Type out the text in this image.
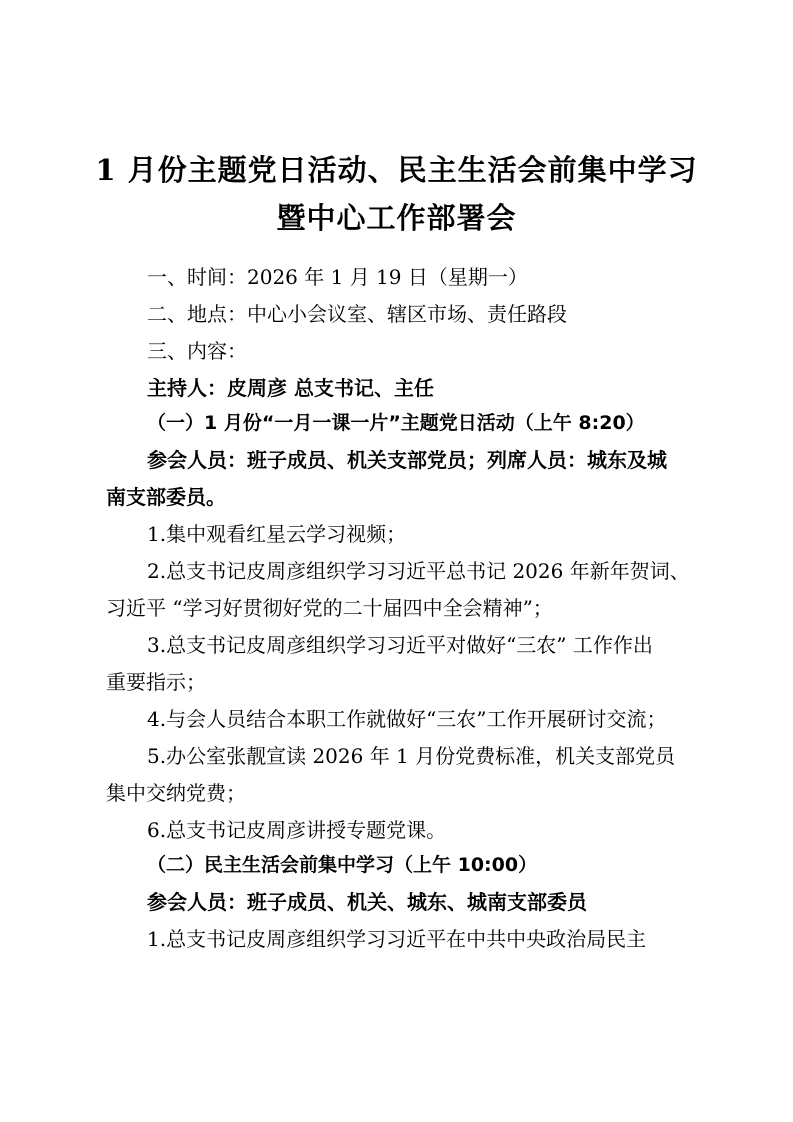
1 月份主题党日活动、民主生活会前集中学习
暨中心工作部署会
一、时间：2026 年 1 月 19 日（星期一）
二、地点：中心小会议室、辖区市场、责任路段
三、内容：
主持人：皮周彦 总支书记、主任
（一）1 月份“一月一课一片”主题党日活动（上午 8:20）
参会人员：班子成员、机关支部党员；列席人员：城东及城
南支部委员。
1.集中观看红星云学习视频；
2.总支书记皮周彦组织学习习近平总书记 2026 年新年贺词、
习近平 “学习好贯彻好党的二十届四中全会精神”；
3.总支书记皮周彦组织学习习近平对做好“三农” 工作作出
重要指示；
4.与会人员结合本职工作就做好“三农”工作开展研讨交流；
5.办公室张靓宣读 2026 年 1 月份党费标准，机关支部党员
集中交纳党费；
6.总支书记皮周彦讲授专题党课。
（二）民主生活会前集中学习（上午 10:00）
参会人员：班子成员、机关、城东、城南支部委员
1.总支书记皮周彦组织学习习近平在中共中央政治局民主
